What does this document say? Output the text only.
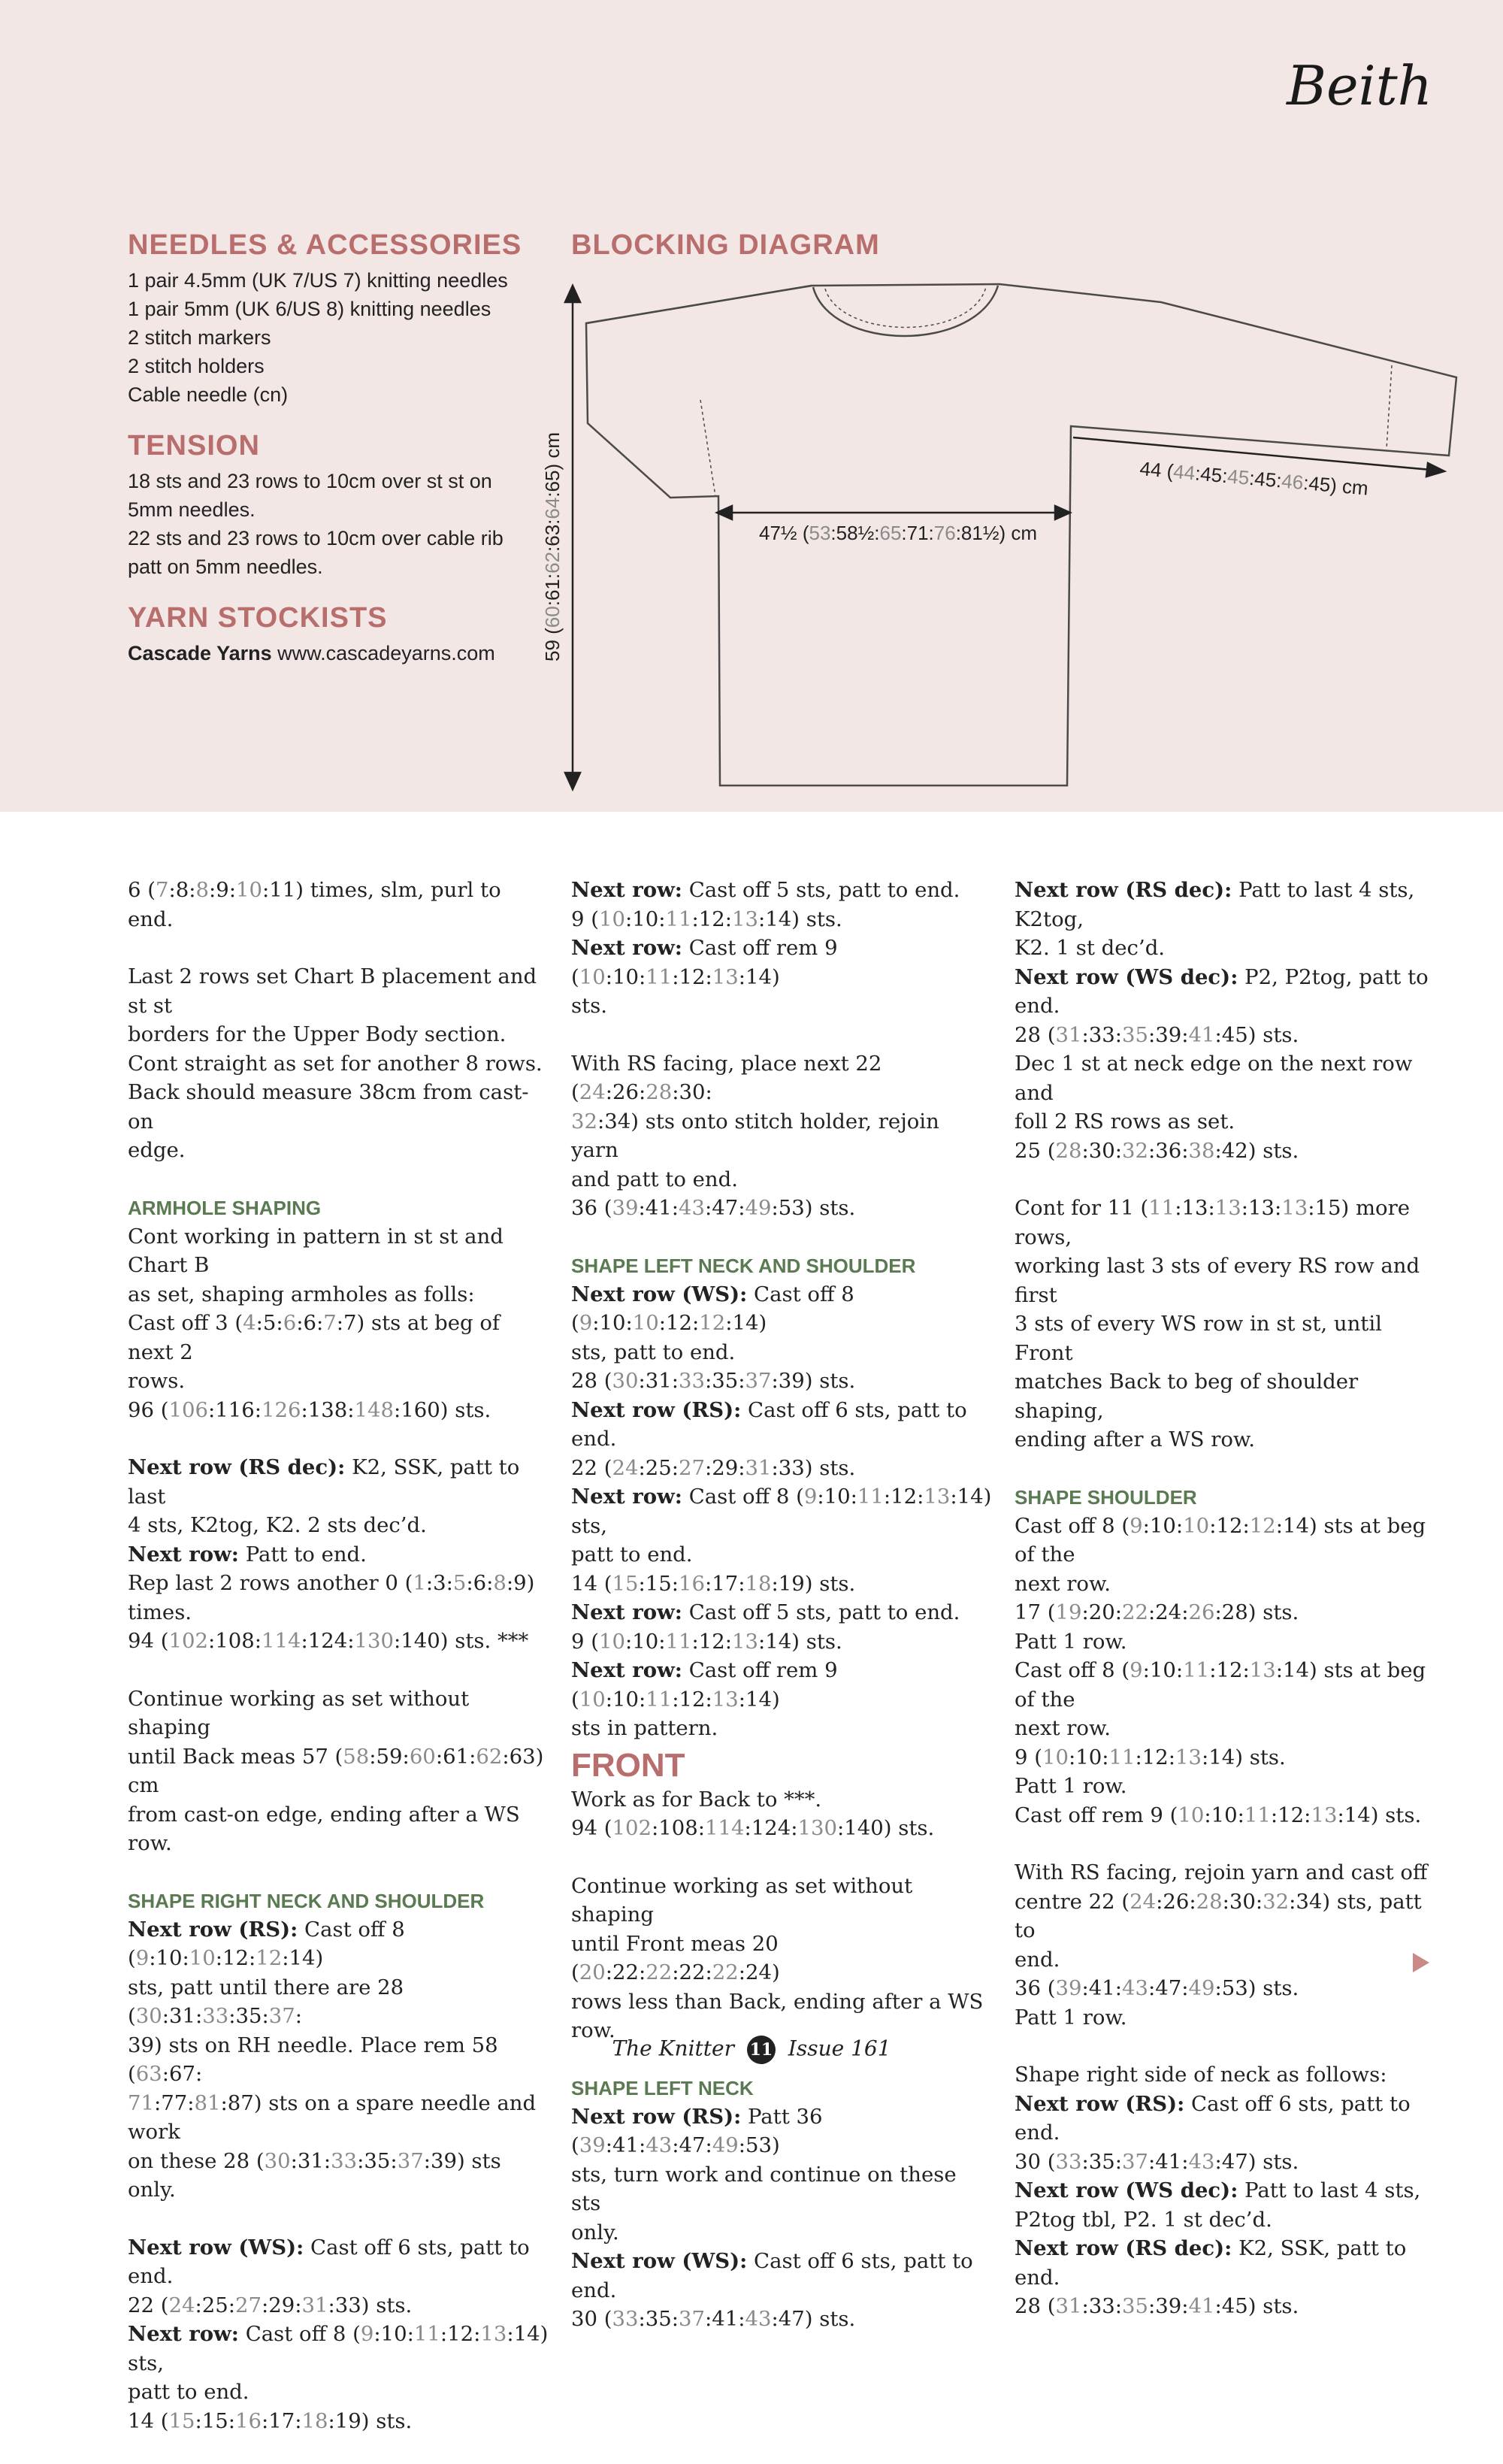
Beith
NEEDLES & ACCESSORIES
1 pair 4.5mm (UK 7/US 7) knitting needles
1 pair 5mm (UK 6/US 8) knitting needles
2 stitch markers
2 stitch holders
Cable needle (cn)
TENSION

18 sts and 23 rows to 10cm over st st on

5mm needles.

22 sts and 23 rows to 10cm over cable rib

patt on 5mm needles.

YARN STOCKISTS
Cascade Yarns www.cascadeyarns.com
BLOCKING DIAGRAM
59 (60:61:62:63:64:65) cm
47½ (53:58½:65:71:76:81½) cm
44 (44:45:45:45:46:45) cm

6 (7:8:8:9:10:11) times, slm, purl to end.

Last 2 rows set Chart B placement and st st
borders for the Upper Body section.
Cont straight as set for another 8 rows.
Back should measure 38cm from cast-on
edge.

ARMHOLE SHAPING
Cont working in pattern in st st and Chart B
as set, shaping armholes as folls:
Cast off 3 (4:5:6:6:7:7) sts at beg of next 2
rows.
96 (106:116:126:138:148:160) sts.

Next row (RS dec): K2, SSK, patt to last
4 sts, K2tog, K2. 2 sts dec’d.
Next row: Patt to end.
Rep last 2 rows another 0 (1:3:5:6:8:9)
times.
94 (102:108:114:124:130:140) sts. ***

Continue working as set without shaping
until Back meas 57 (58:59:60:61:62:63) cm
from cast-on edge, ending after a WS row.

SHAPE RIGHT NECK AND SHOULDER
Next row (RS): Cast off 8 (9:10:10:12:12:14)
sts, patt until there are 28 (30:31:33:35:37:
39) sts on RH needle. Place rem 58 (63:67:
71:77:81:87) sts on a spare needle and work
on these 28 (30:31:33:35:37:39) sts only.

Next row (WS): Cast off 6 sts, patt to end.
22 (24:25:27:29:31:33) sts.
Next row: Cast off 8 (9:10:11:12:13:14) sts,
patt to end.
14 (15:15:16:17:18:19) sts.

Next row: Cast off 5 sts, patt to end.
9 (10:10:11:12:13:14) sts.
Next row: Cast off rem 9 (10:10:11:12:13:14)
sts.

With RS facing, place next 22 (24:26:28:30:
32:34) sts onto stitch holder, rejoin yarn
and patt to end.
36 (39:41:43:47:49:53) sts.

SHAPE LEFT NECK AND SHOULDER
Next row (WS): Cast off 8 (9:10:10:12:12:14)
sts, patt to end.
28 (30:31:33:35:37:39) sts.
Next row (RS): Cast off 6 sts, patt to end.
22 (24:25:27:29:31:33) sts.
Next row: Cast off 8 (9:10:11:12:13:14) sts,
patt to end.
14 (15:15:16:17:18:19) sts.
Next row: Cast off 5 sts, patt to end.
9 (10:10:11:12:13:14) sts.
Next row: Cast off rem 9 (10:10:11:12:13:14)
sts in pattern.

FRONT
Work as for Back to ***.
94 (102:108:114:124:130:140) sts.

Continue working as set without shaping
until Front meas 20 (20:22:22:22:22:24)
rows less than Back, ending after a WS row.

SHAPE LEFT NECK
Next row (RS): Patt 36 (39:41:43:47:49:53)
sts, turn work and continue on these sts
only.
Next row (WS): Cast off 6 sts, patt to end.
30 (33:35:37:41:43:47) sts.

Next row (RS dec): Patt to last 4 sts, K2tog,
K2. 1 st dec’d.
Next row (WS dec): P2, P2tog, patt to end.
28 (31:33:35:39:41:45) sts.
Dec 1 st at neck edge on the next row and
foll 2 RS rows as set.
25 (28:30:32:36:38:42) sts.

Cont for 11 (11:13:13:13:13:15) more rows,
working last 3 sts of every RS row and first
3 sts of every WS row in st st, until Front
matches Back to beg of shoulder shaping,
ending after a WS row.

SHAPE SHOULDER
Cast off 8 (9:10:10:12:12:14) sts at beg of the
next row.
17 (19:20:22:24:26:28) sts.
Patt 1 row.
Cast off 8 (9:10:11:12:13:14) sts at beg of the
next row.
9 (10:10:11:12:13:14) sts.
Patt 1 row.
Cast off rem 9 (10:10:11:12:13:14) sts.

With RS facing, rejoin yarn and cast off
centre 22 (24:26:28:30:32:34) sts, patt to
end.
36 (39:41:43:47:49:53) sts.
Patt 1 row.

Shape right side of neck as follows:
Next row (RS): Cast off 6 sts, patt to end.
30 (33:35:37:41:43:47) sts.
Next row (WS dec): Patt to last 4 sts,
P2tog tbl, P2. 1 st dec’d.
Next row (RS dec): K2, SSK, patt to end.
28 (31:33:35:39:41:45) sts.

The Knitter 11 Issue 161
